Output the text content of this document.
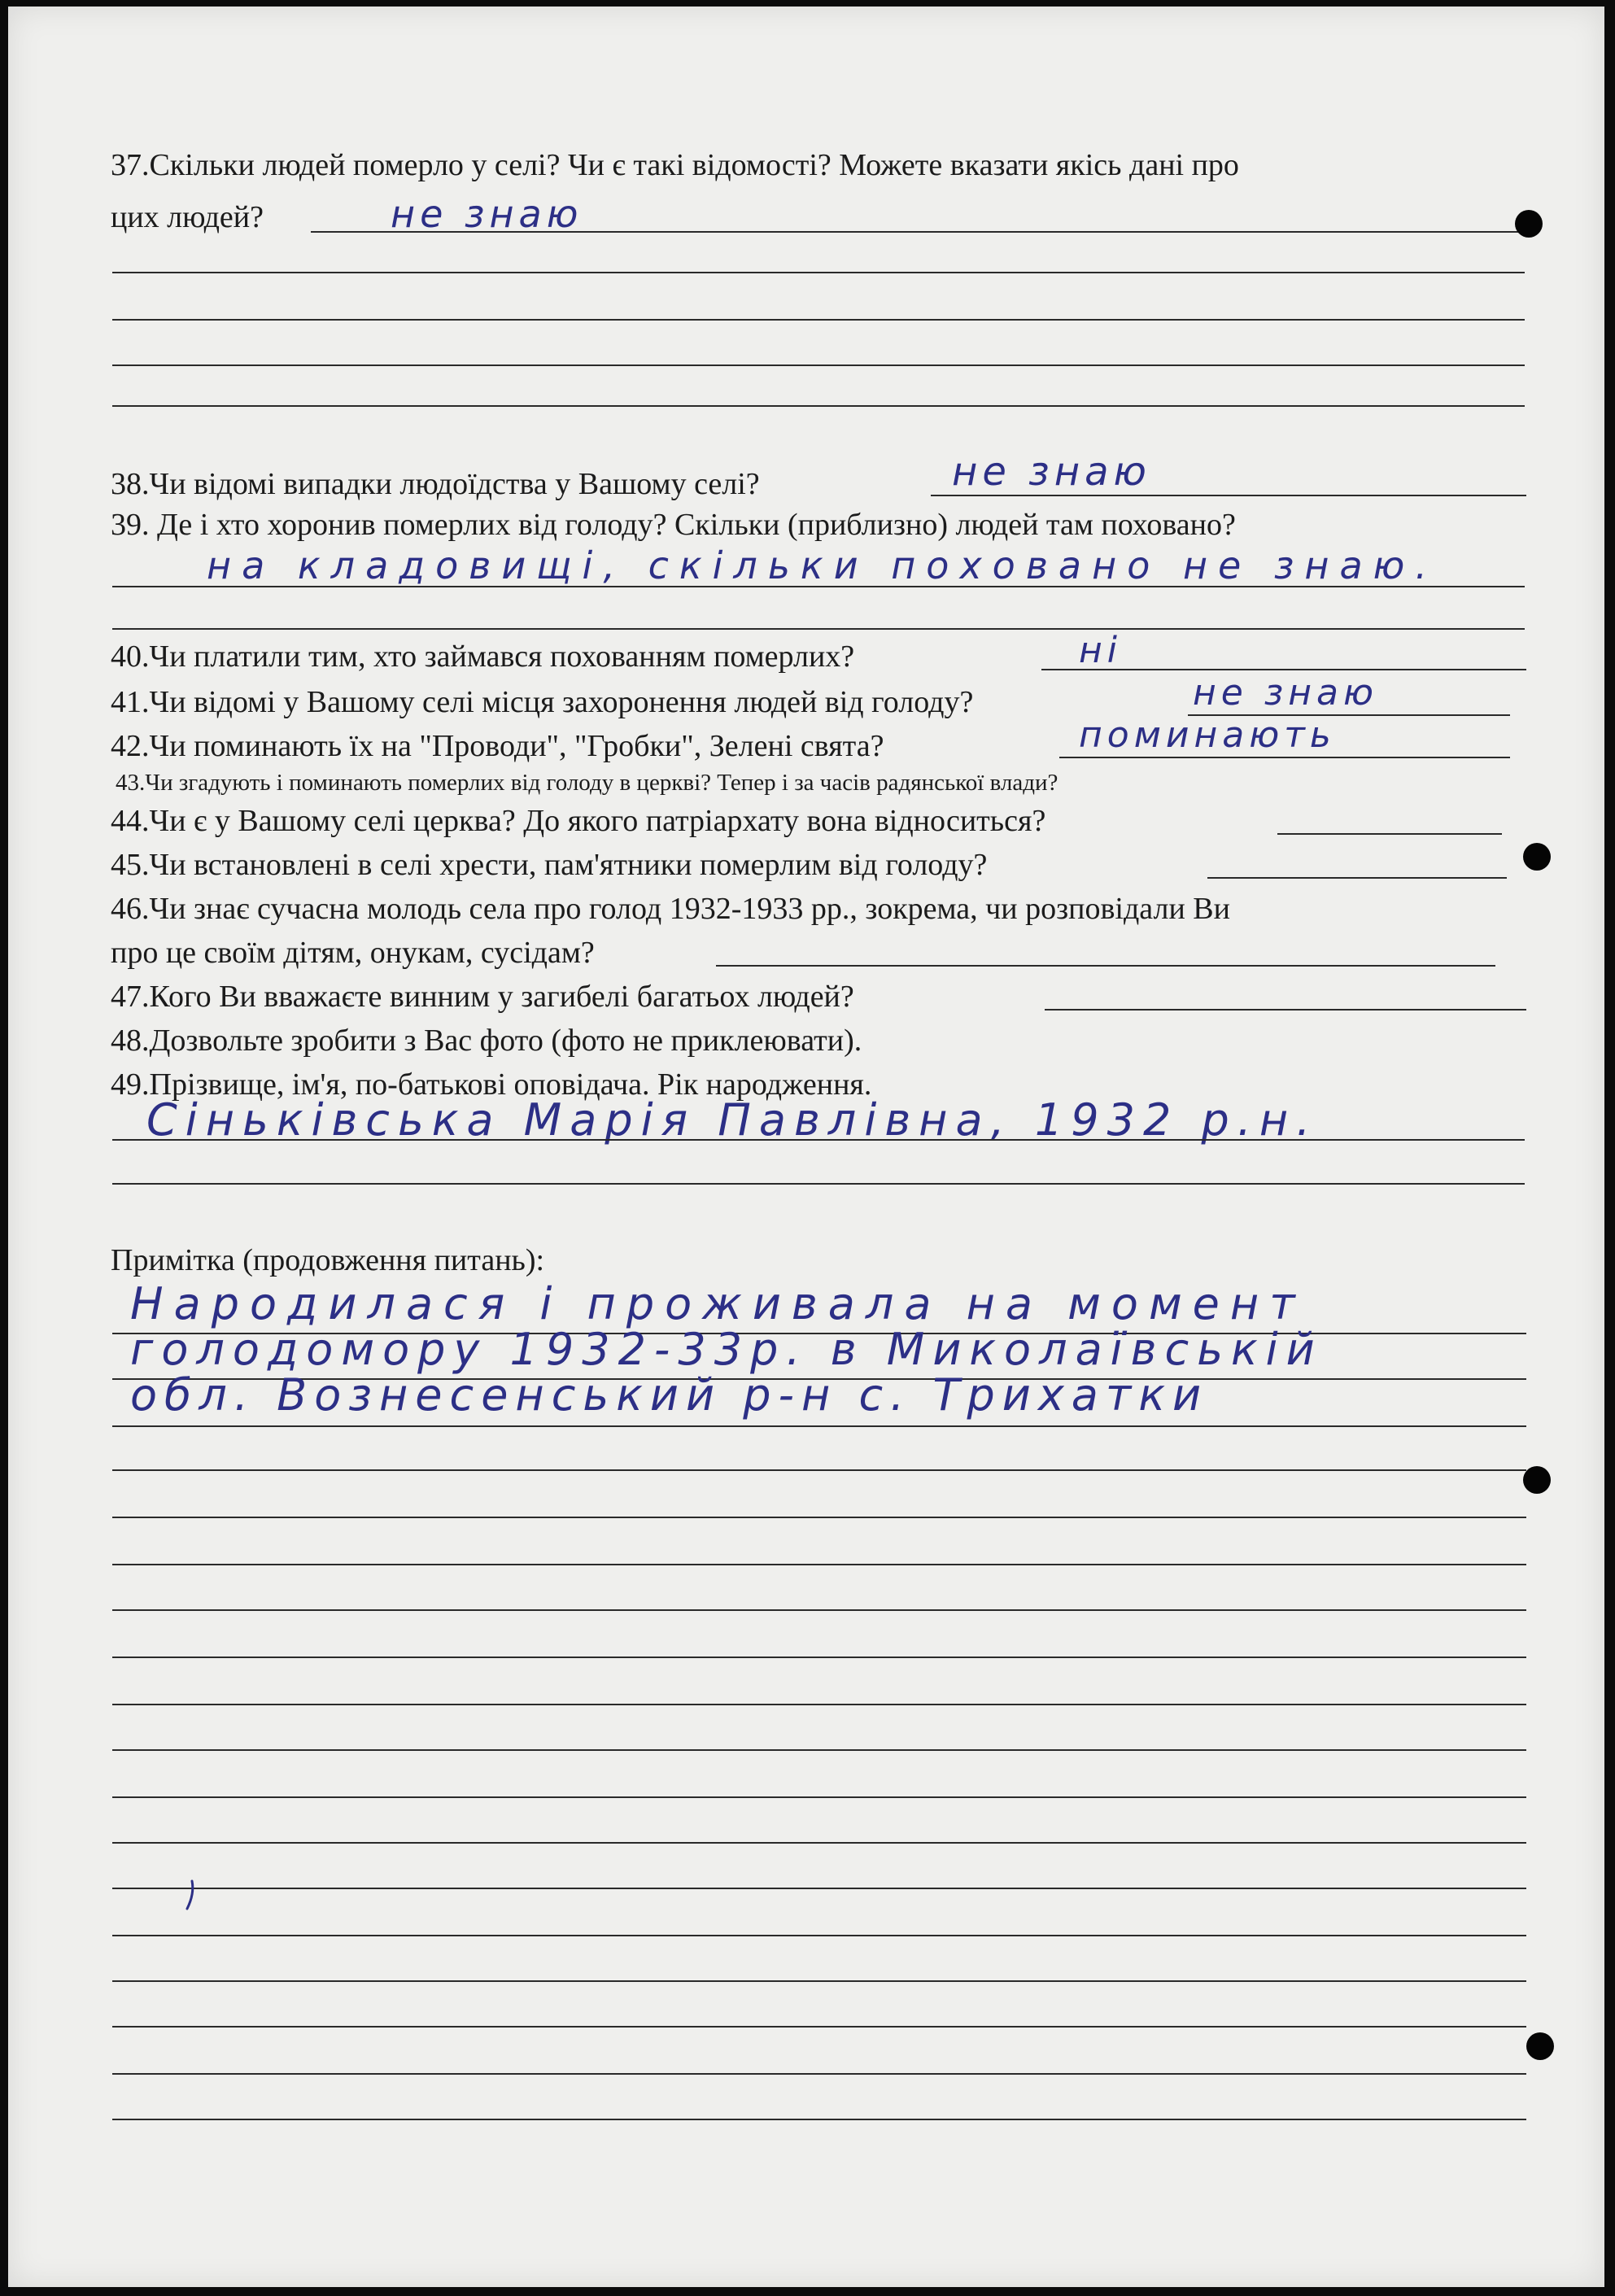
37.Скільки людей померло у селі? Чи є такі відомості? Можете вказати якісь дані про
цих людей?	не знаю
38.Чи відомі випадки людоїдства у Вашому селі?	не знаю
39. Де і хто хоронив померлих від голоду? Скільки (приблизно) людей там поховано?
на кладовищі, скільки поховано не знаю.
40.Чи платили тим, хто займався похованням померлих?	ні
41.Чи відомі у Вашому селі місця захоронення людей від голоду?	не знаю
42.Чи поминають їх на "Проводи", "Гробки", Зелені свята?	поминають
43.Чи згадують і поминають померлих від голоду в церкві? Тепер і за часів радянської влади?
44.Чи є у Вашому селі церква? До якого патріархату вона відноситься?
45.Чи встановлені в селі хрести, пам'ятники померлим від голоду?
46.Чи знає сучасна молодь села про голод 1932-1933 рр., зокрема, чи розповідали Ви
про це своїм дітям, онукам, сусідам?
47.Кого Ви вважаєте винним у загибелі багатьох людей?
48.Дозвольте зробити з Вас фото (фото не приклеювати).
49.Прізвище, ім'я, по-батькові оповідача. Рік народження.
Сіньківська Марія Павлівна, 1932 р.н.
Примітка (продовження питань):
Народилася і проживала на момент
голодомору 1932-33р. в Миколаївській
обл. Вознесенський р-н с. Трихатки
